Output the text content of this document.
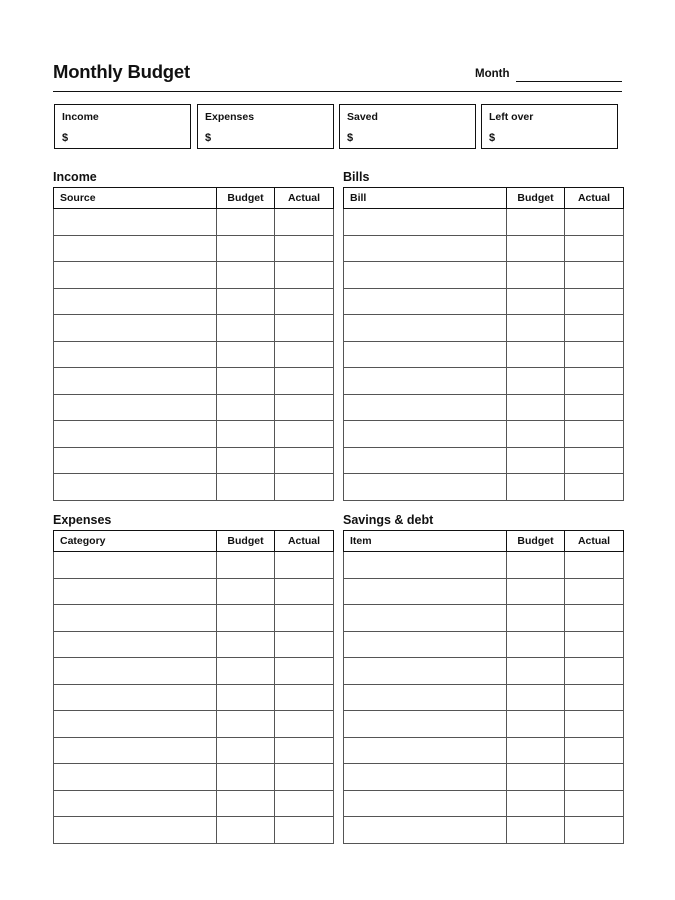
Monthly Budget	Month
Income
$
Expenses
$
Saved
$
Left over
$
Income
Source	Budget	Actual

Bills
Bill	Budget	Actual

Expenses
Category	Budget	Actual

Savings & debt
Item	Budget	Actual
